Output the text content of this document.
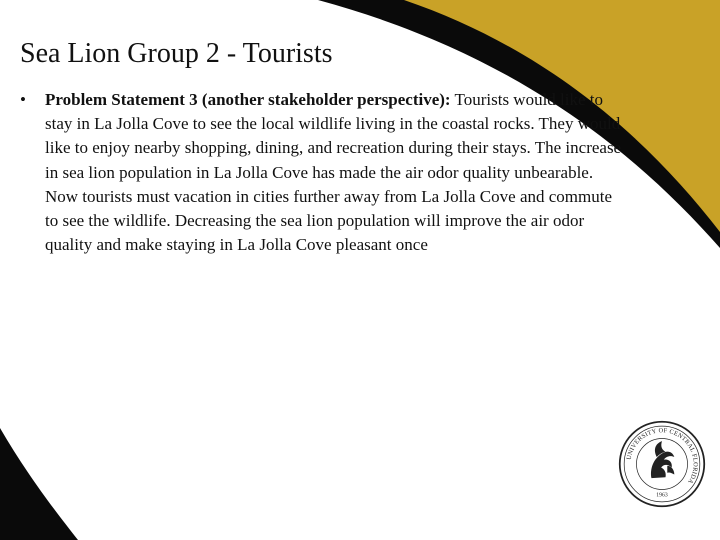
Sea Lion Group 2 - Tourists
• Problem Statement 3 (another stakeholder perspective): Tourists would like to stay in La Jolla Cove to see the local wildlife living in the coastal rocks. They would like to enjoy nearby shopping, dining, and recreation during their stays. The increase in sea lion population in La Jolla Cove has made the air odor quality unbearable. Now tourists must vacation in cities further away from La Jolla Cove and commute to see the wildlife. Decreasing the sea lion population will improve the air odor quality and make staying in La Jolla Cove pleasant once
UNIVERSITY OF CENTRAL FLORIDA
1963
